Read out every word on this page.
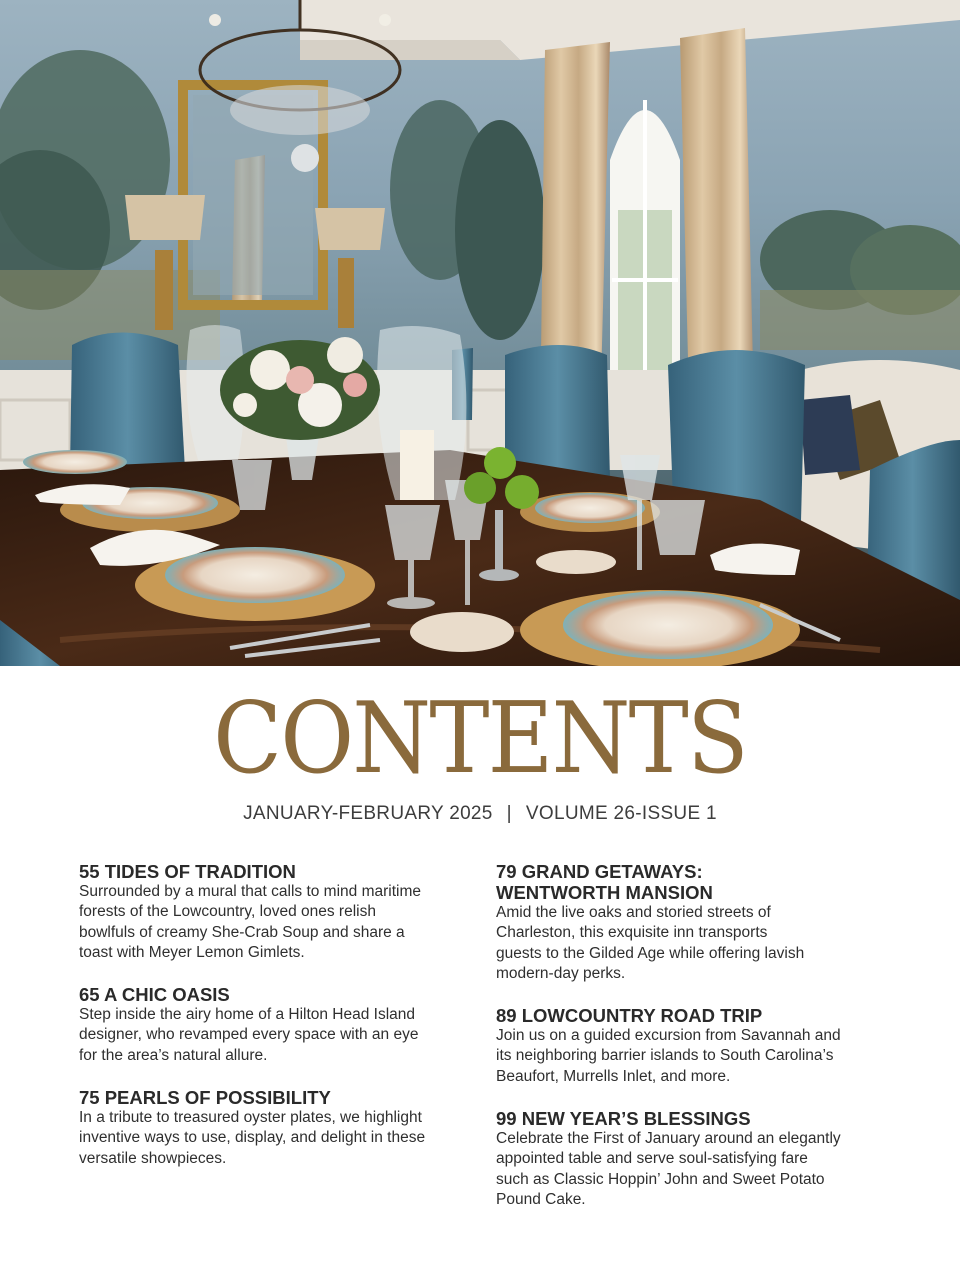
CONTENTS
JANUARY-FEBRUARY 2025 | VOLUME 26-ISSUE 1
55 TIDES OF TRADITION

Surrounded by a mural that calls to mind maritime
forests of the Lowcountry, loved ones relish
bowlfuls of creamy She-Crab Soup and share a
toast with Meyer Lemon Gimlets.

65 A CHIC OASIS

Step inside the airy home of a Hilton Head Island
designer, who revamped every space with an eye
for the area’s natural allure.

75 PEARLS OF POSSIBILITY

In a tribute to treasured oyster plates, we highlight
inventive ways to use, display, and delight in these
versatile showpieces.

79 GRAND GETAWAYS:
WENTWORTH MANSION

Amid the live oaks and storied streets of
Charleston, this exquisite inn transports
guests to the Gilded Age while offering lavish
modern-day perks.

89 LOWCOUNTRY ROAD TRIP

Join us on a guided excursion from Savannah and
its neighboring barrier islands to South Carolina’s
Beaufort, Murrells Inlet, and more.

99 NEW YEAR’S BLESSINGS

Celebrate the First of January around an elegantly
appointed table and serve soul-satisfying fare
such as Classic Hoppin’ John and Sweet Potato
Pound Cake.
